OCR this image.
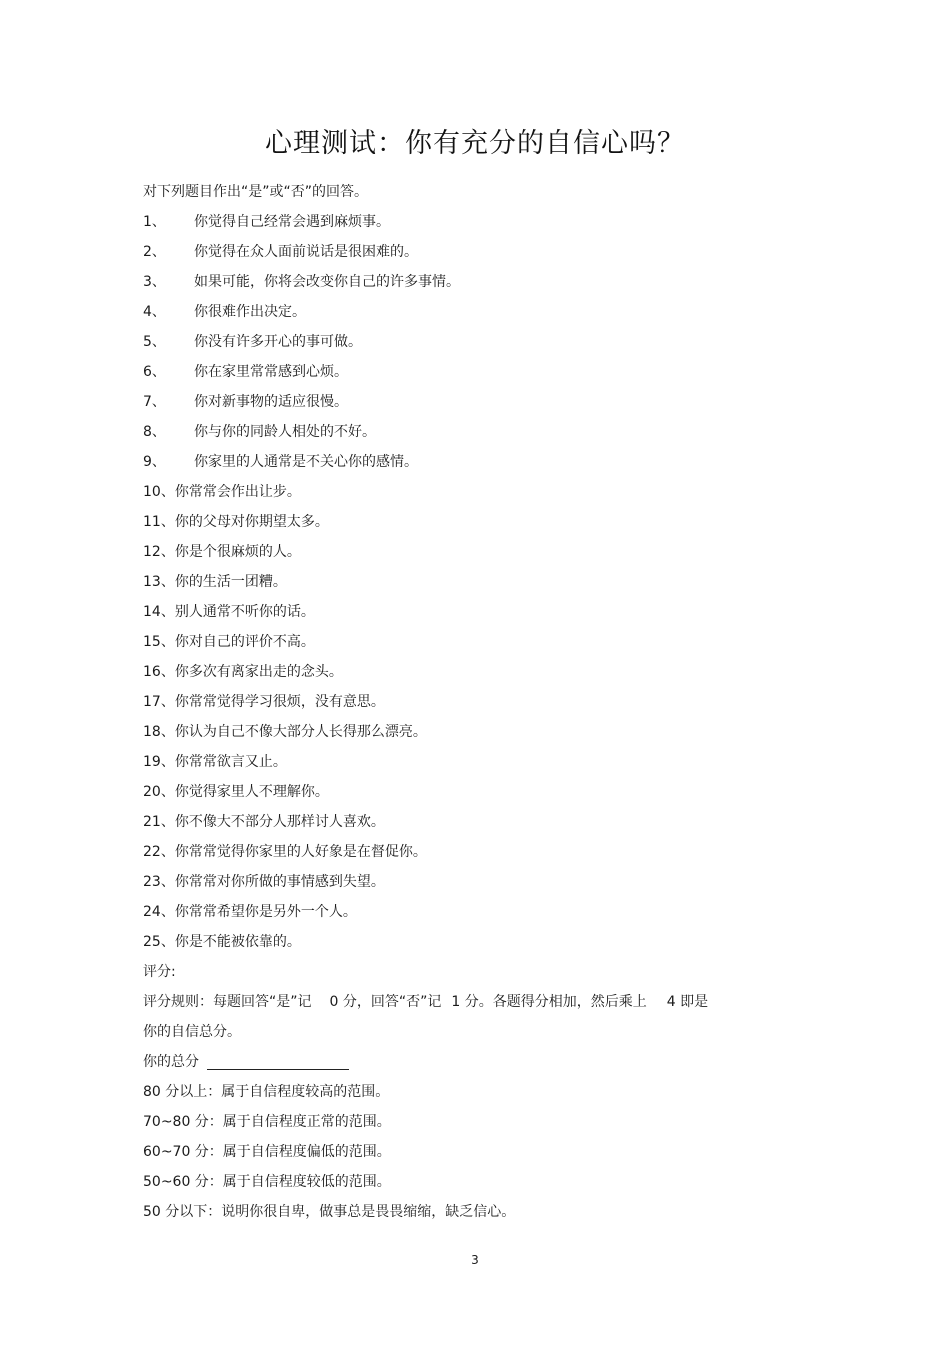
心理测试：你有充分的自信心吗？
对下列题目作出“是”或“否”的回答。
1、 你觉得自己经常会遇到麻烦事。
2、 你觉得在众人面前说话是很困难的。
3、 如果可能，你将会改变你自己的许多事情。
4、 你很难作出决定。
5、 你没有许多开心的事可做。
6、 你在家里常常感到心烦。
7、 你对新事物的适应很慢。
8、 你与你的同龄人相处的不好。
9、 你家里的人通常是不关心你的感情。
10、你常常会作出让步。
11、你的父母对你期望太多。
12、你是个很麻烦的人。
13、你的生活一团糟。
14、别人通常不听你的话。
15、你对自己的评价不高。
16、你多次有离家出走的念头。
17、你常常觉得学习很烦，没有意思。
18、你认为自己不像大部分人长得那么漂亮。
19、你常常欲言又止。
20、你觉得家里人不理解你。
21、你不像大不部分人那样讨人喜欢。
22、你常常觉得你家里的人好象是在督促你。
23、你常常对你所做的事情感到失望。
24、你常常希望你是另外一个人。
25、你是不能被依靠的。
评分:
评分规则：每题回答“是”记 0 分，回答“否”记 1 分。各题得分相加，然后乘上 4 即是
你的自信总分。
你的总分
80 分以上：属于自信程度较高的范围。
70~80 分：属于自信程度正常的范围。
60~70 分：属于自信程度偏低的范围。
50~60 分：属于自信程度较低的范围。
50 分以下：说明你很自卑，做事总是畏畏缩缩，缺乏信心。
3
